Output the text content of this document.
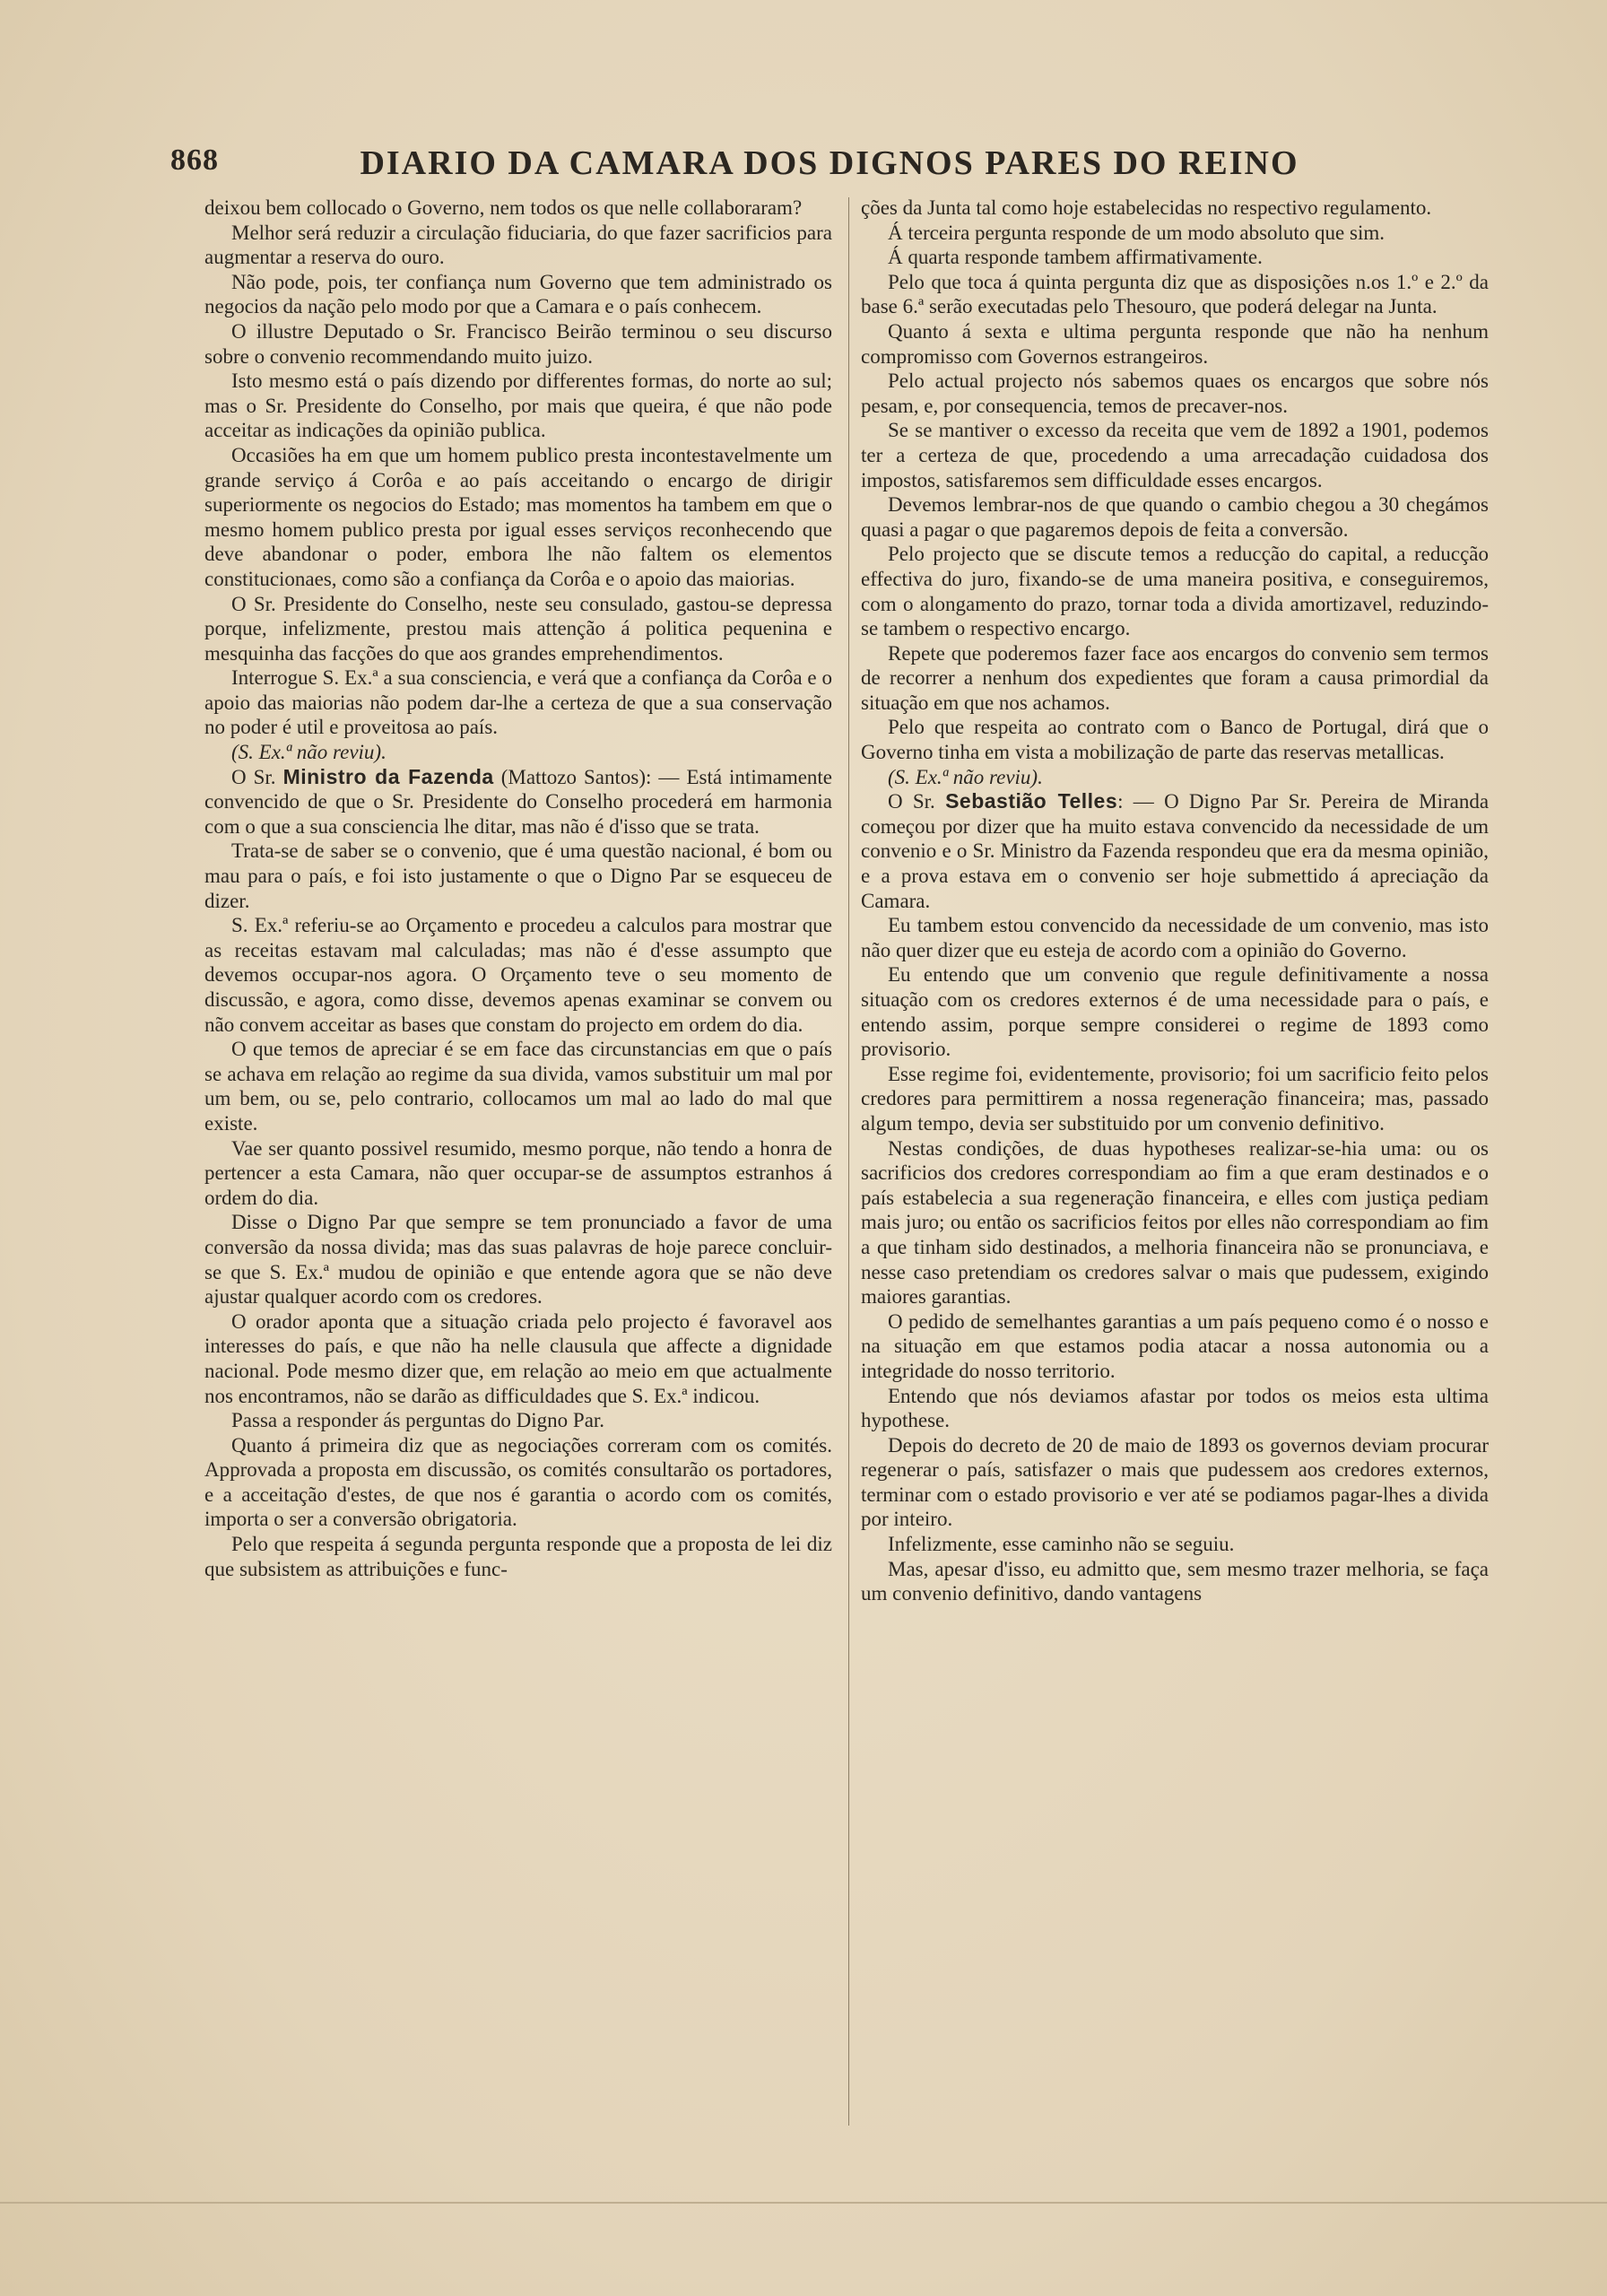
868	DIARIO DA CAMARA DOS DIGNOS PARES DO REINO

deixou bem collocado o Governo, nem todos os que nelle collaboraram?

Melhor será reduzir a circulação fiduciaria, do que fazer sacrificios para augmentar a reserva do ouro.

Não pode, pois, ter confiança num Governo que tem administrado os negocios da nação pelo modo por que a Camara e o país conhecem.

O illustre Deputado o Sr. Francisco Beirão terminou o seu discurso sobre o convenio recommendando muito juizo.

Isto mesmo está o país dizendo por differentes formas, do norte ao sul; mas o Sr. Presidente do Conselho, por mais que queira, é que não pode acceitar as indicações da opinião publica.

Occasiões ha em que um homem publico presta incontestavelmente um grande serviço á Corôa e ao país acceitando o encargo de dirigir superiormente os negocios do Estado; mas momentos ha tambem em que o mesmo homem publico presta por igual esses serviços reconhecendo que deve abandonar o poder, embora lhe não faltem os elementos constitucionaes, como são a confiança da Corôa e o apoio das maiorias.

O Sr. Presidente do Conselho, neste seu consulado, gastou-se depressa porque, infelizmente, prestou mais attenção á politica pequenina e mesquinha das facções do que aos grandes emprehendimentos.

Interrogue S. Ex.ª a sua consciencia, e verá que a confiança da Corôa e o apoio das maiorias não podem dar-lhe a certeza de que a sua conservação no poder é util e proveitosa ao país.

(S. Ex.ª não reviu).

O Sr. Ministro da Fazenda (Mattozo Santos): — Está intimamente convencido de que o Sr. Presidente do Conselho procederá em harmonia com o que a sua consciencia lhe ditar, mas não é d'isso que se trata.

Trata-se de saber se o convenio, que é uma questão nacional, é bom ou mau para o país, e foi isto justamente o que o Digno Par se esqueceu de dizer.

S. Ex.ª referiu-se ao Orçamento e procedeu a calculos para mostrar que as receitas estavam mal calculadas; mas não é d'esse assumpto que devemos occupar-nos agora. O Orçamento teve o seu momento de discussão, e agora, como disse, devemos apenas examinar se convem ou não convem acceitar as bases que constam do projecto em ordem do dia.

O que temos de apreciar é se em face das circunstancias em que o país se achava em relação ao regime da sua divida, vamos substituir um mal por um bem, ou se, pelo contrario, collocamos um mal ao lado do mal que existe.

Vae ser quanto possivel resumido, mesmo porque, não tendo a honra de pertencer a esta Camara, não quer occupar-se de assumptos estranhos á ordem do dia.

Disse o Digno Par que sempre se tem pronunciado a favor de uma conversão da nossa divida; mas das suas palavras de hoje parece concluir-se que S. Ex.ª mudou de opinião e que entende agora que se não deve ajustar qualquer acordo com os credores.

O orador aponta que a situação criada pelo projecto é favoravel aos interesses do país, e que não ha nelle clausula que affecte a dignidade nacional. Pode mesmo dizer que, em relação ao meio em que actualmente nos encontramos, não se darão as difficuldades que S. Ex.ª indicou.

Passa a responder ás perguntas do Digno Par.

Quanto á primeira diz que as negociações correram com os comités. Approvada a proposta em discussão, os comités consultarão os portadores, e a acceitação d'estes, de que nos é garantia o acordo com os comités, importa o ser a conversão obrigatoria.

Pelo que respeita á segunda pergunta responde que a proposta de lei diz que subsistem as attribuições e func-

ções da Junta tal como hoje estabelecidas no respectivo regulamento.

Á terceira pergunta responde de um modo absoluto que sim.

Á quarta responde tambem affirmativamente.

Pelo que toca á quinta pergunta diz que as disposições n.os 1.º e 2.º da base 6.ª serão executadas pelo Thesouro, que poderá delegar na Junta.

Quanto á sexta e ultima pergunta responde que não ha nenhum compromisso com Governos estrangeiros.

Pelo actual projecto nós sabemos quaes os encargos que sobre nós pesam, e, por consequencia, temos de precaver-nos.

Se se mantiver o excesso da receita que vem de 1892 a 1901, podemos ter a certeza de que, procedendo a uma arrecadação cuidadosa dos impostos, satisfaremos sem difficuldade esses encargos.

Devemos lembrar-nos de que quando o cambio chegou a 30 chegámos quasi a pagar o que pagaremos depois de feita a conversão.

Pelo projecto que se discute temos a reducção do capital, a reducção effectiva do juro, fixando-se de uma maneira positiva, e conseguiremos, com o alongamento do prazo, tornar toda a divida amortizavel, reduzindo-se tambem o respectivo encargo.

Repete que poderemos fazer face aos encargos do convenio sem termos de recorrer a nenhum dos expedientes que foram a causa primordial da situação em que nos achamos.

Pelo que respeita ao contrato com o Banco de Portugal, dirá que o Governo tinha em vista a mobilização de parte das reservas metallicas.

(S. Ex.ª não reviu).

O Sr. Sebastião Telles: — O Digno Par Sr. Pereira de Miranda começou por dizer que ha muito estava convencido da necessidade de um convenio e o Sr. Ministro da Fazenda respondeu que era da mesma opinião, e a prova estava em o convenio ser hoje submettido á apreciação da Camara.

Eu tambem estou convencido da necessidade de um convenio, mas isto não quer dizer que eu esteja de acordo com a opinião do Governo.

Eu entendo que um convenio que regule definitivamente a nossa situação com os credores externos é de uma necessidade para o país, e entendo assim, porque sempre considerei o regime de 1893 como provisorio.

Esse regime foi, evidentemente, provisorio; foi um sacrificio feito pelos credores para permittirem a nossa regeneração financeira; mas, passado algum tempo, devia ser substituido por um convenio definitivo.

Nestas condições, de duas hypotheses realizar-se-hia uma: ou os sacrificios dos credores correspondiam ao fim a que eram destinados e o país estabelecia a sua regeneração financeira, e elles com justiça pediam mais juro; ou então os sacrificios feitos por elles não correspondiam ao fim a que tinham sido destinados, a melhoria financeira não se pronunciava, e nesse caso pretendiam os credores salvar o mais que pudessem, exigindo maiores garantias.

O pedido de semelhantes garantias a um país pequeno como é o nosso e na situação em que estamos podia atacar a nossa autonomia ou a integridade do nosso territorio.

Entendo que nós deviamos afastar por todos os meios esta ultima hypothese.

Depois do decreto de 20 de maio de 1893 os governos deviam procurar regenerar o país, satisfazer o mais que pudessem aos credores externos, terminar com o estado provisorio e ver até se podiamos pagar-lhes a divida por inteiro.

Infelizmente, esse caminho não se seguiu.

Mas, apesar d'isso, eu admitto que, sem mesmo trazer melhoria, se faça um convenio definitivo, dando vantagens
